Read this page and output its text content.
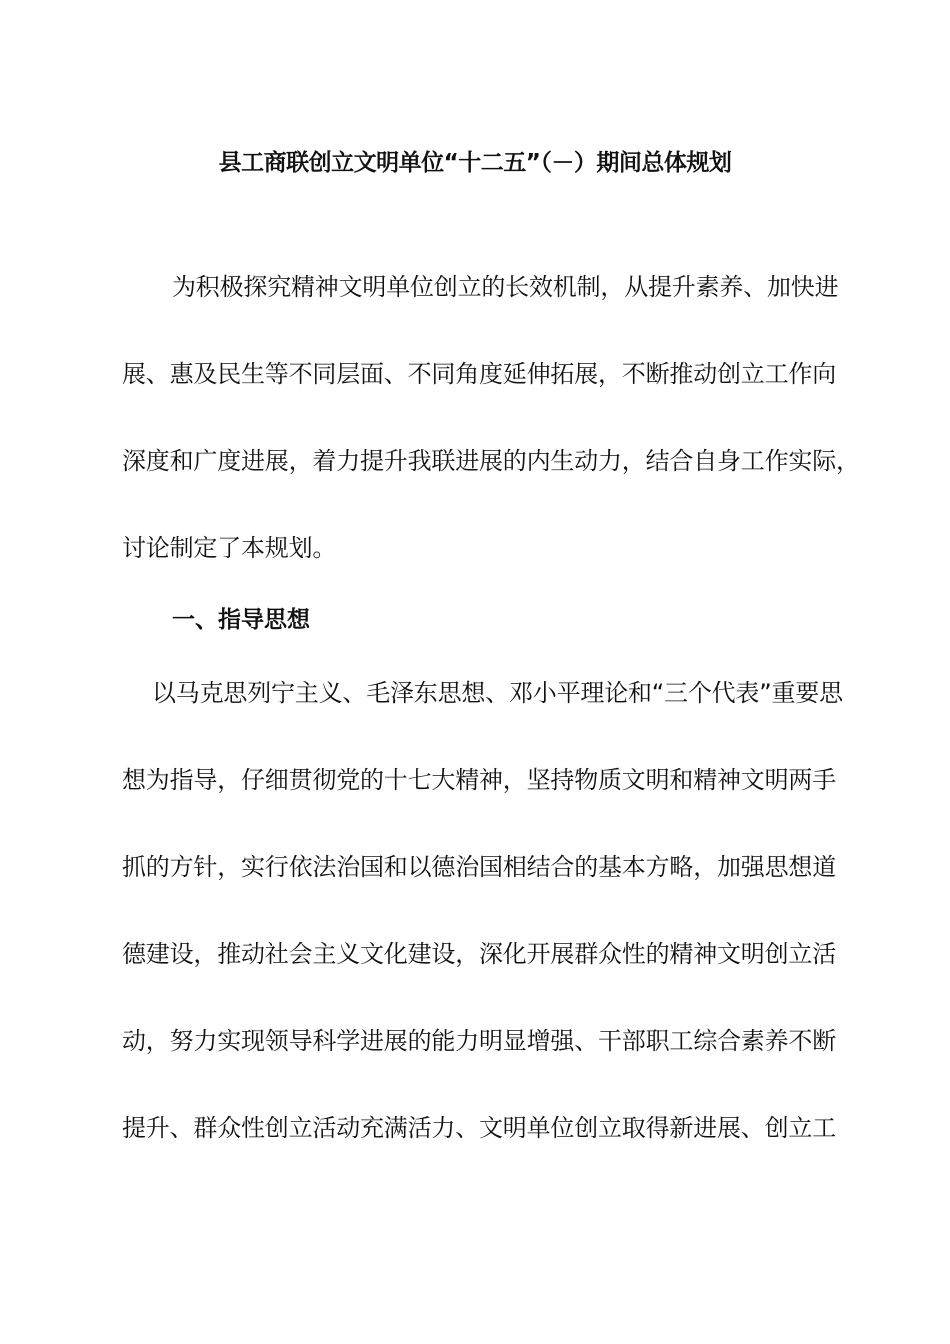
县工商联创立文明单位“十二五”（－）期间总体规划
为积极探究精神文明单位创立的长效机制，从提升素养、加快进
展、惠及民生等不同层面、不同角度延伸拓展，不断推动创立工作向
深度和广度进展，着力提升我联进展的内生动力，结合自身工作实际，
讨论制定了本规划。
一、指导思想
以马克思列宁主义、毛泽东思想、邓小平理论和“三个代表”重要思
想为指导，仔细贯彻党的十七大精神，坚持物质文明和精神文明两手
抓的方针，实行依法治国和以德治国相结合的基本方略，加强思想道
德建设，推动社会主义文化建设，深化开展群众性的精神文明创立活
动，努力实现领导科学进展的能力明显增强、干部职工综合素养不断
提升、群众性创立活动充满活力、文明单位创立取得新进展、创立工
